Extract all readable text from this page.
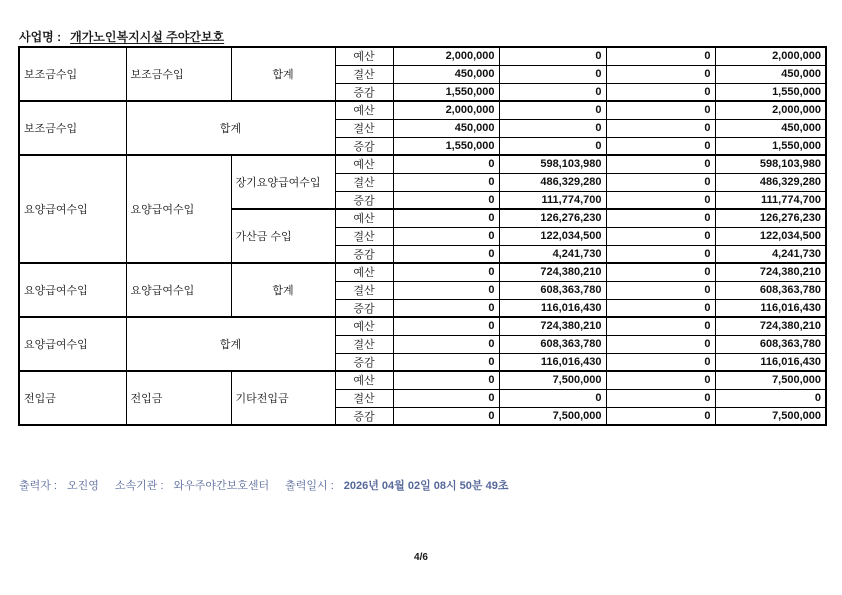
사업명 : 개가노인복지시설 주야간보호
보조금수입	보조금수입	합계	예산	2,000,000	0	0	2,000,000
			결산	450,000	0	0	450,000
			증감	1,550,000	0	0	1,550,000
보조금수입	합계		예산	2,000,000	0	0	2,000,000
			결산	450,000	0	0	450,000
			증감	1,550,000	0	0	1,550,000
요양급여수입	요양급여수입	장기요양급여수입	예산	0	598,103,980	0	598,103,980
			결산	0	486,329,280	0	486,329,280
			증감	0	111,774,700	0	111,774,700
		가산금 수입	예산	0	126,276,230	0	126,276,230
			결산	0	122,034,500	0	122,034,500
			증감	0	4,241,730	0	4,241,730
요양급여수입	요양급여수입	합계	예산	0	724,380,210	0	724,380,210
			결산	0	608,363,780	0	608,363,780
			증감	0	116,016,430	0	116,016,430
요양급여수입	합계		예산	0	724,380,210	0	724,380,210
			결산	0	608,363,780	0	608,363,780
			증감	0	116,016,430	0	116,016,430
전입금	전입금	기타전입금	예산	0	7,500,000	0	7,500,000
			결산	0	0	0	0
			증감	0	7,500,000	0	7,500,000
출력자 : 오진영 소속기관 : 와우주야간보호센터 출력일시 : 2026년 04월 02일 08시 50분 49초
4/6
